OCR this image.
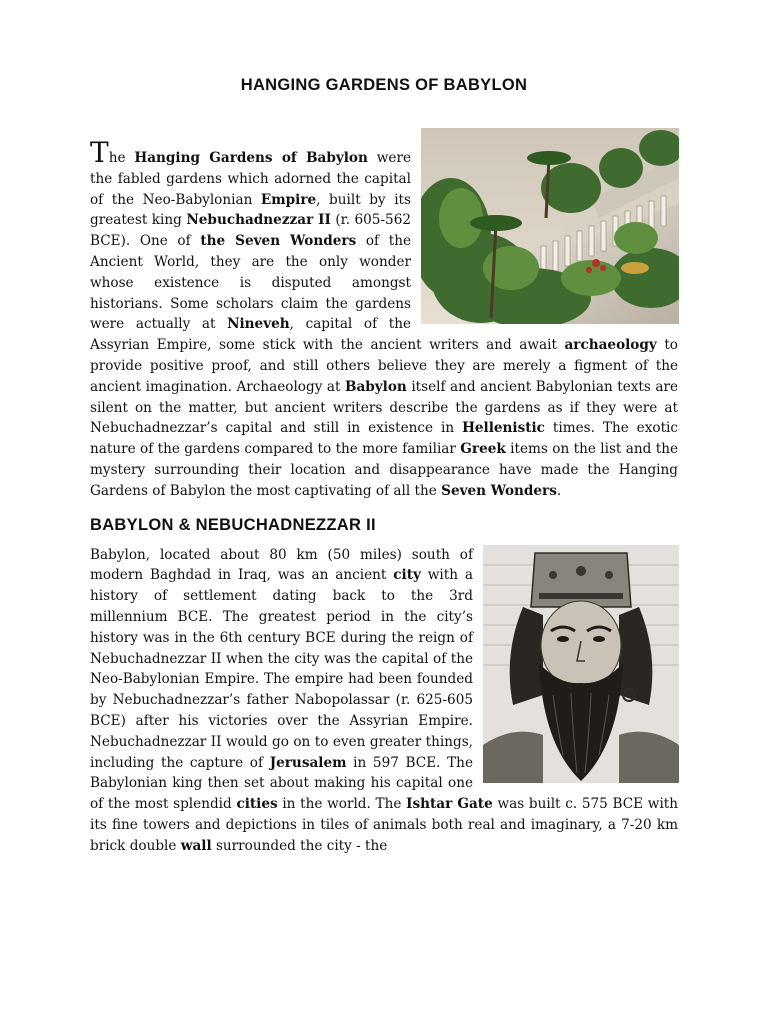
HANGING GARDENS OF BABYLON

The Hanging Gardens of Babylon were the fabled gardens which adorned the capital of the Neo-Babylonian Empire, built by its greatest king Nebuchadnezzar II (r. 605-562 BCE). One of the Seven Wonders of the Ancient World, they are the only wonder whose existence is disputed amongst historians. Some scholars claim the gardens were actually at Nineveh, capital of the Assyrian Empire, some stick with the ancient writers and await archaeology to provide positive proof, and still others believe they are merely a figment of the ancient imagination. Archaeology at Babylon itself and ancient Babylonian texts are silent on the matter, but ancient writers describe the gardens as if they were at Nebuchadnezzar’s capital and still in existence in Hellenistic times. The exotic nature of the gardens compared to the more familiar Greek items on the list and the mystery surrounding their location and disappearance have made the Hanging Gardens of Babylon the most captivating of all the Seven Wonders.

BABYLON & NEBUCHADNEZZAR II

Babylon, located about 80 km (50 miles) south of modern Baghdad in Iraq, was an ancient city with a history of settlement dating back to the 3rd millennium BCE. The greatest period in the city’s history was in the 6th century BCE during the reign of Nebuchadnezzar II when the city was the capital of the Neo-Babylonian Empire. The empire had been founded by Nebuchadnezzar’s father Nabopolassar (r. 625-605 BCE) after his victories over the Assyrian Empire. Nebuchadnezzar II would go on to even greater things, including the capture of Jerusalem in 597 BCE. The Babylonian king then set about making his capital one of the most splendid cities in the world. The Ishtar Gate was built c. 575 BCE with its fine towers and depictions in tiles of animals both real and imaginary, a 7-20 km brick double wall surrounded the city - the
